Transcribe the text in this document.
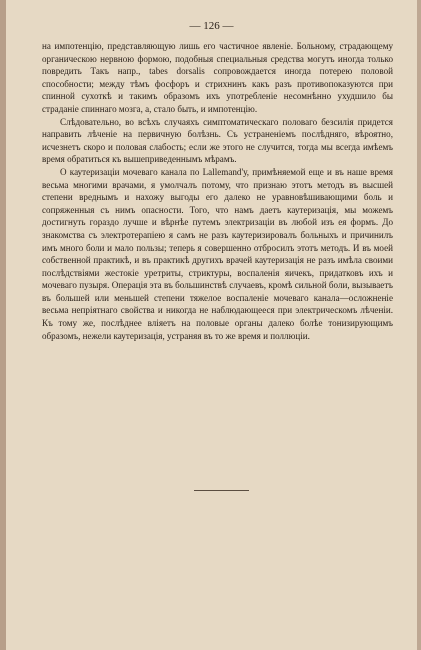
— 126 —

на импотенцію, представляющую лишь его частичное явленіе. Больному, страдающему органическою нервною формою, подобныя специальныя средства могутъ иногда только повредить Такъ напр., tabes dorsalis сопровождается иногда потерею половой способности; между тѣмъ фосфоръ и стрихнинъ какъ разъ противопоказуются при спинной сухоткѣ и такимъ образомъ ихъ употребленіе несомнѣнно ухудшило бы страданіе спиннаго мозга, а, стало быть, и импотенцію.

Слѣдовательно, во всѣхъ случаяхъ симптоматическаго половаго безсилія придется направить лѣченіе на первичную болѣзнь. Съ устраненіемъ послѣдняго, вѣроятно, исчезнетъ скоро и половая слабость; если же этого не случится, тогда мы всегда имѣемъ время обратиться къ вышеприведеннымъ мѣрамъ.

О каутеризаціи мочеваго канала по Lallemand'у, примѣняемой еще и въ наше время весьма многими врачами, я умолчалъ потому, что признаю этотъ методъ въ высшей степени вреднымъ и нахожу выгоды его далеко не уравновѣшивающими боль и сопряженныя съ нимъ опасности. Того, что намъ даетъ каутеризація, мы можемъ достигнуть гораздо лучше и вѣрнѣе путемъ электризаціи въ любой изъ ея формъ. До знакомства съ электротерапіею я самъ не разъ каутеризировалъ больныхъ и причинилъ имъ много боли и мало пользы; теперь я совершенно отбросилъ этотъ методъ. И въ моей собственной практикѣ, и въ практикѣ другихъ врачей каутеризація не разъ имѣла своими послѣдствіями жестокіе уретриты, стриктуры, воспаленія яичекъ, придатковъ ихъ и мочеваго пузыря. Операція эта въ большинствѣ случаевъ, кромѣ сильной боли, вызываетъ въ большей или меньшей степени тяжелое воспаленіе мочеваго канала—осложненіе весьма непріятнаго свойства и никогда не наблюдающееся при электрическомъ лѣченіи. Къ тому же, послѣднее вліяетъ на половые органы далеко болѣе тонизирующимъ образомъ, нежели каутеризація, устраняя въ то же время и поллюціи.
